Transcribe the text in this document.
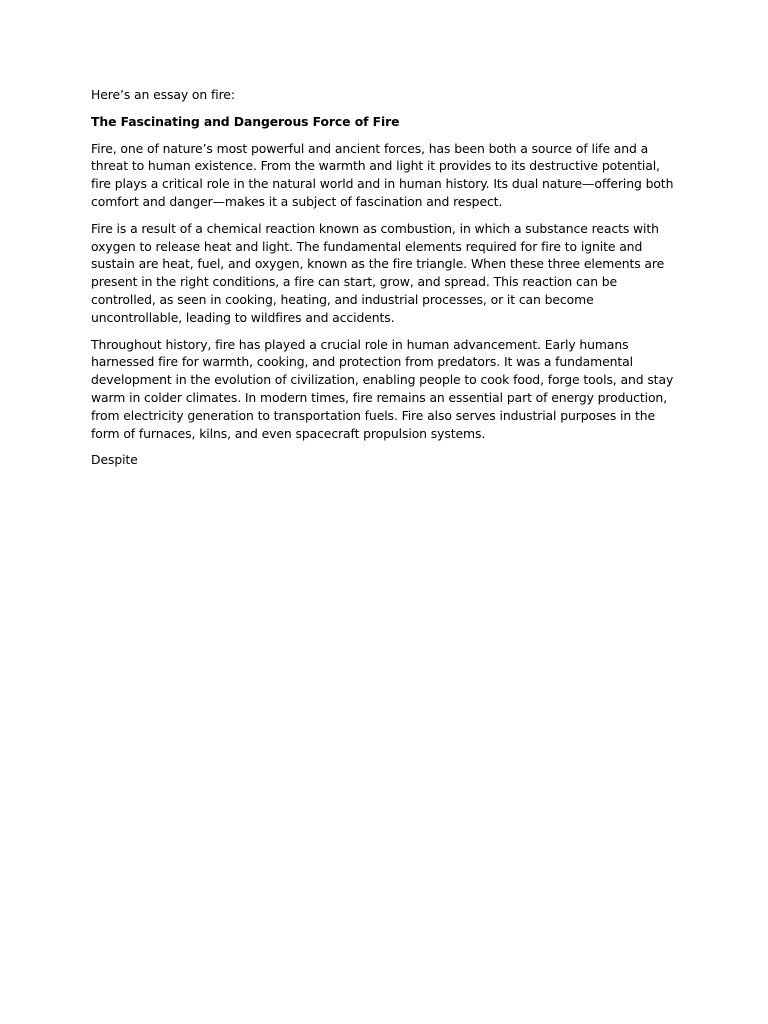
Here’s an essay on fire:

The Fascinating and Dangerous Force of Fire

Fire, one of nature’s most powerful and ancient forces, has been both a source of life and a threat to human existence. From the warmth and light it provides to its destructive potential, fire plays a critical role in the natural world and in human history. Its dual nature—offering both comfort and danger—makes it a subject of fascination and respect.

Fire is a result of a chemical reaction known as combustion, in which a substance reacts with oxygen to release heat and light. The fundamental elements required for fire to ignite and sustain are heat, fuel, and oxygen, known as the fire triangle. When these three elements are present in the right conditions, a fire can start, grow, and spread. This reaction can be controlled, as seen in cooking, heating, and industrial processes, or it can become uncontrollable, leading to wildfires and accidents.

Throughout history, fire has played a crucial role in human advancement. Early humans harnessed fire for warmth, cooking, and protection from predators. It was a fundamental development in the evolution of civilization, enabling people to cook food, forge tools, and stay warm in colder climates. In modern times, fire remains an essential part of energy production, from electricity generation to transportation fuels. Fire also serves industrial purposes in the form of furnaces, kilns, and even spacecraft propulsion systems.

Despite
